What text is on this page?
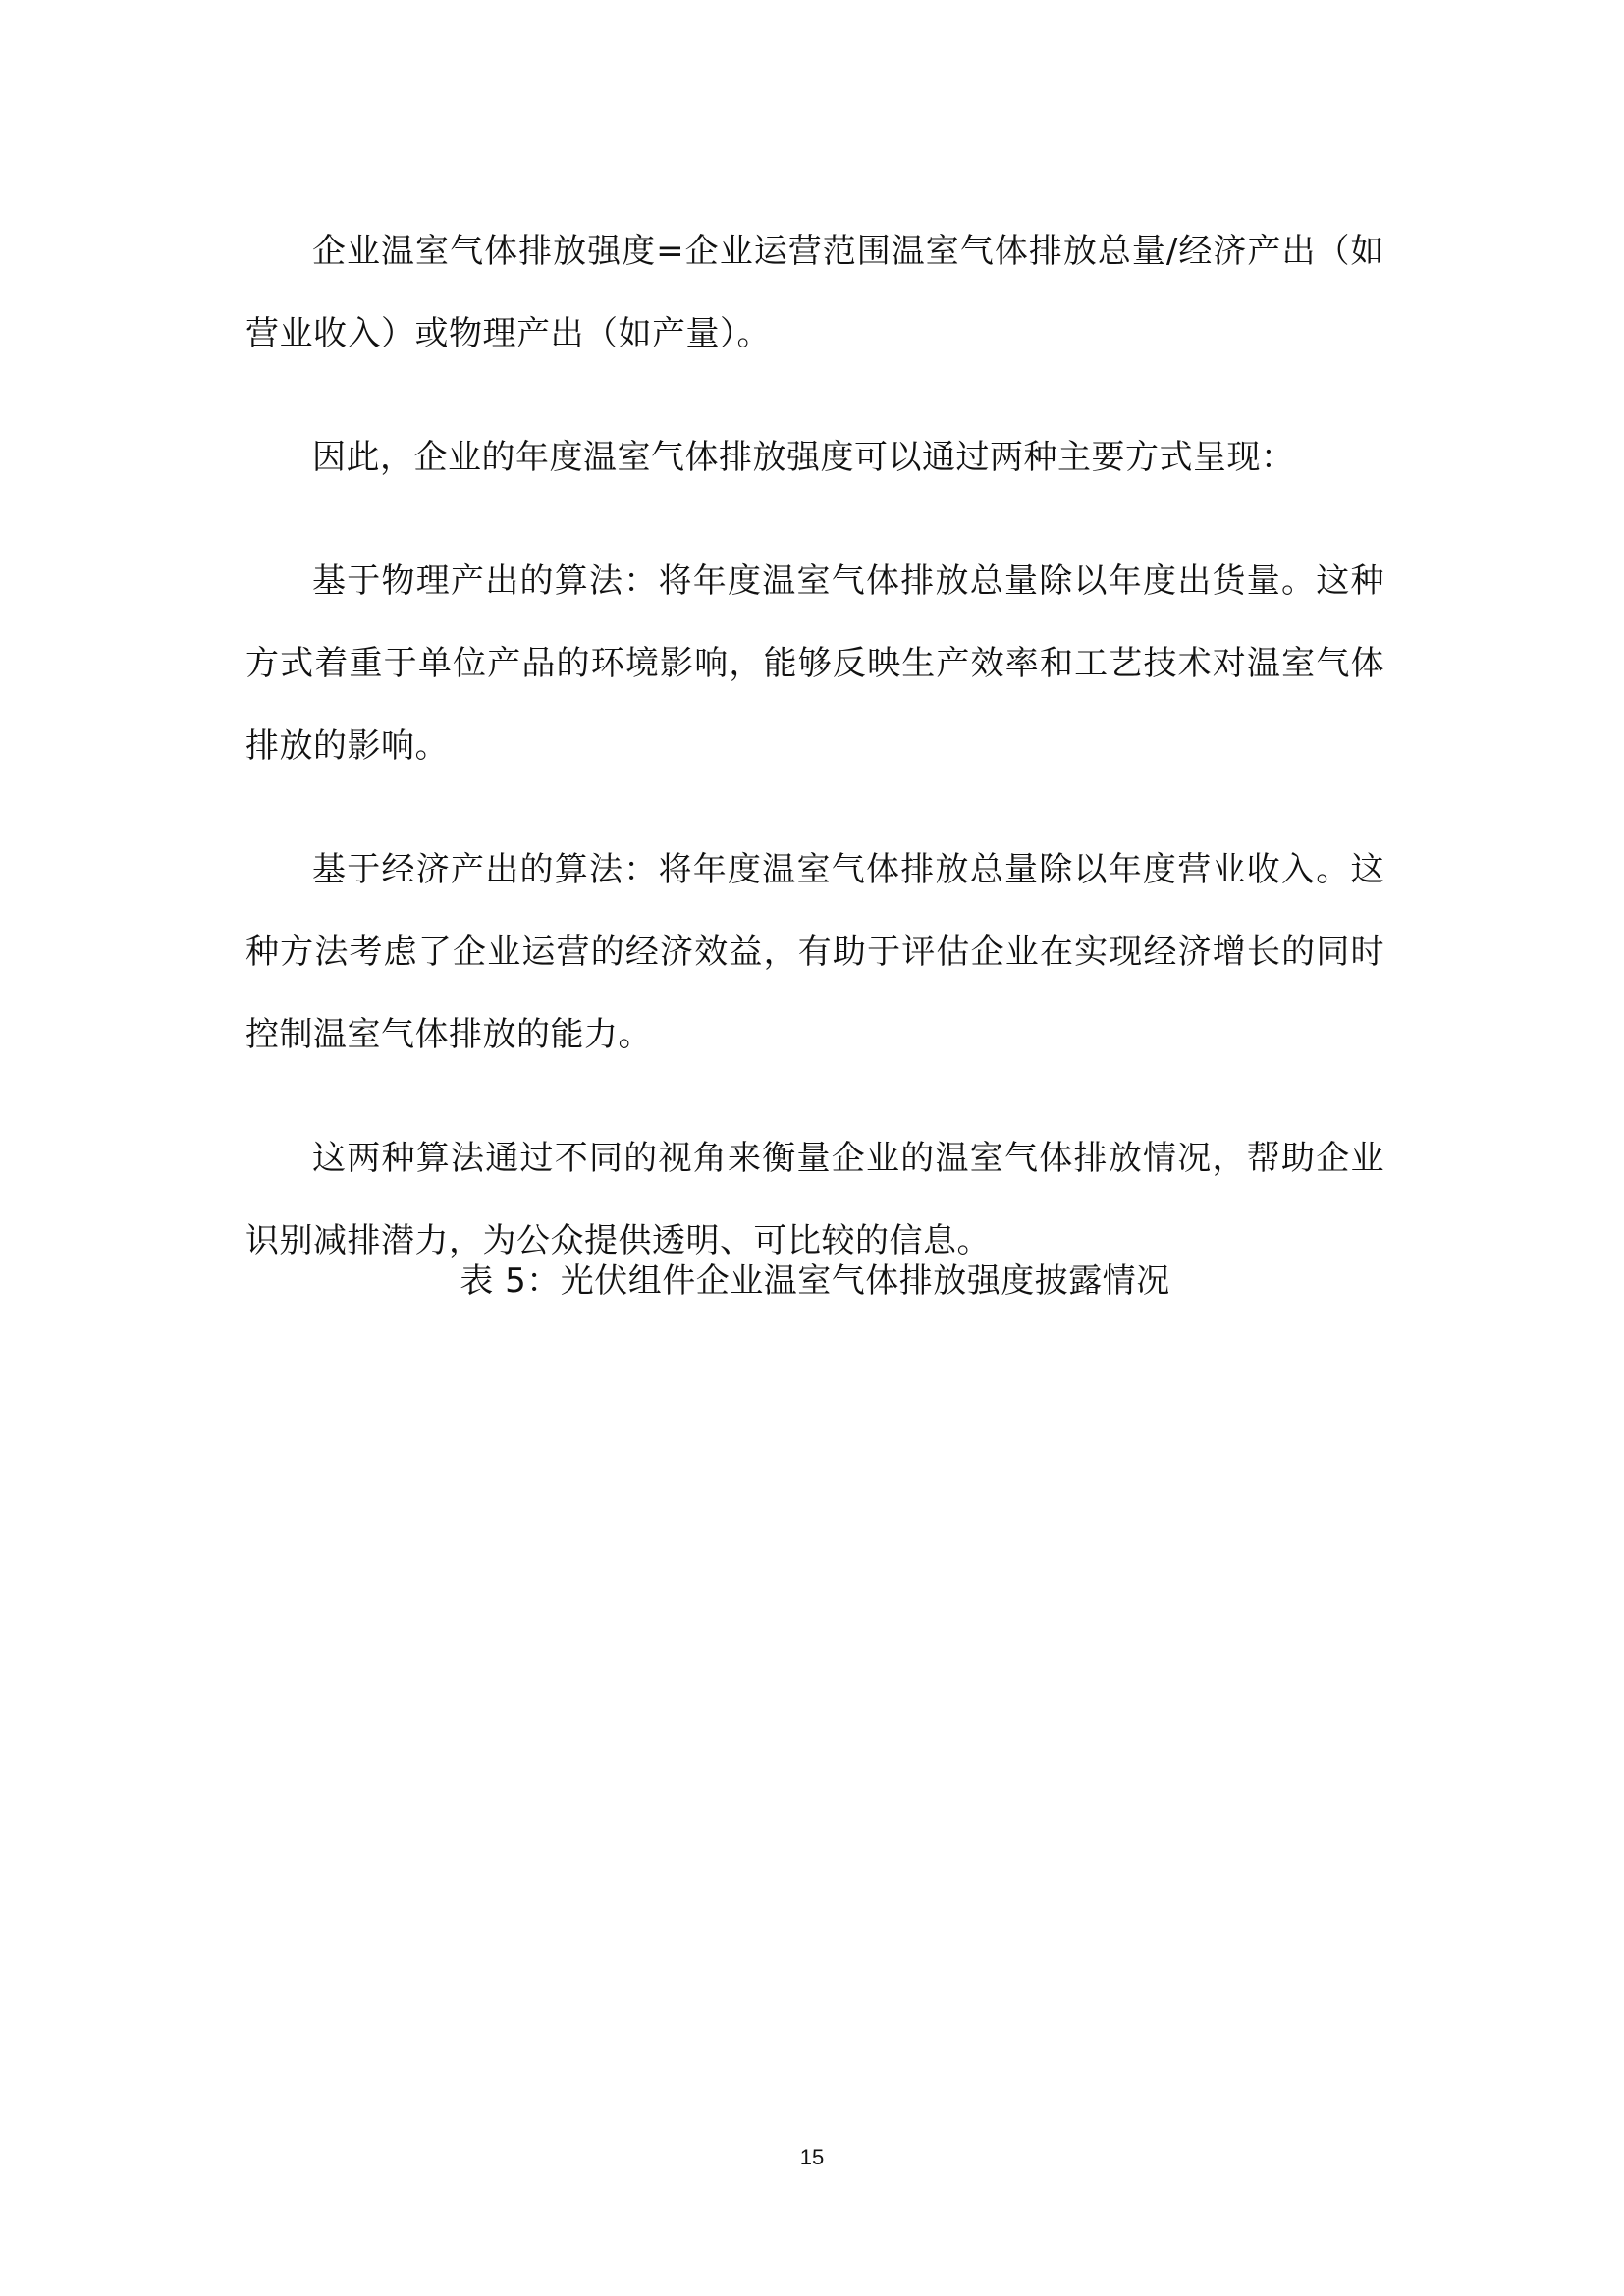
企业温室气体排放强度=企业运营范围温室气体排放总量/经济产出（如营业收入）或物理产出（如产量）。

因此，企业的年度温室气体排放强度可以通过两种主要方式呈现：

基于物理产出的算法：将年度温室气体排放总量除以年度出货量。这种方式着重于单位产品的环境影响，能够反映生产效率和工艺技术对温室气体排放的影响。

基于经济产出的算法：将年度温室气体排放总量除以年度营业收入。这种方法考虑了企业运营的经济效益，有助于评估企业在实现经济增长的同时控制温室气体排放的能力。

这两种算法通过不同的视角来衡量企业的温室气体排放情况，帮助企业识别减排潜力，为公众提供透明、可比较的信息。

表 5：光伏组件企业温室气体排放强度披露情况

15
